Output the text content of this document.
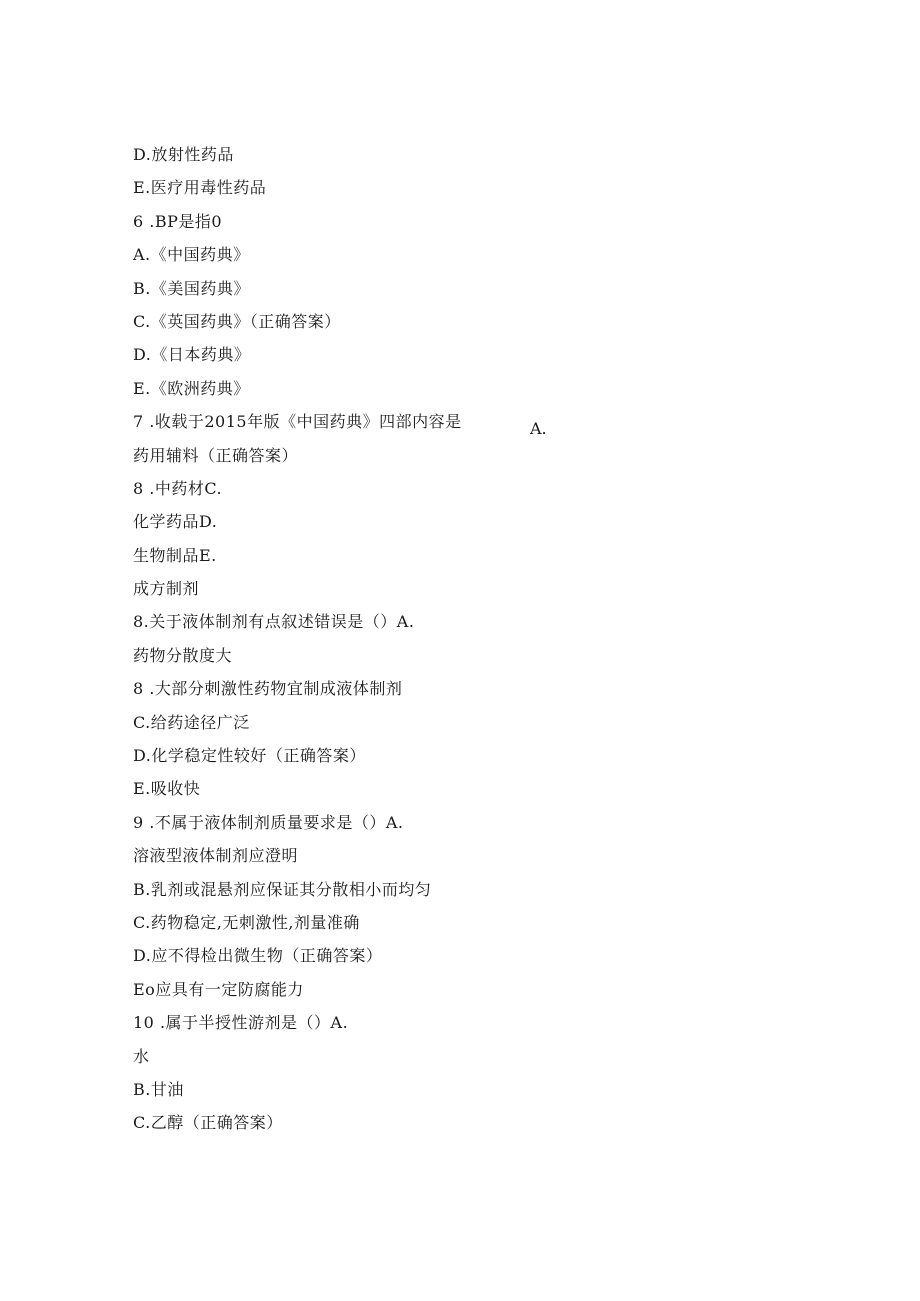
D.放射性药品
E.医疗用毒性药品
6 .BP是指0
A.《中国药典》
B.《美国药典》
C.《英国药典》（正确答案）
D.《日本药典》
E.《欧洲药典》
7 .收载于2015年版《中国药典》四部内容是
药用辅料（正确答案）
8 .中药材C.
化学药品D.
生物制品E.
成方制剂
8.关于液体制剂有点叙述错误是（）A.
药物分散度大
8 .大部分刺激性药物宜制成液体制剂
C.给药途径广泛
D.化学稳定性较好（正确答案）
E.吸收快
9 .不属于液体制剂质量要求是（）A.
溶液型液体制剂应澄明
B.乳剂或混悬剂应保证其分散相小而均匀
C.药物稳定,无刺激性,剂量准确
D.应不得检出微生物（正确答案）
Eo应具有一定防腐能力
10 .属于半授性游剂是（）A.
水
B.甘油
C.乙醇（正确答案）
A.
